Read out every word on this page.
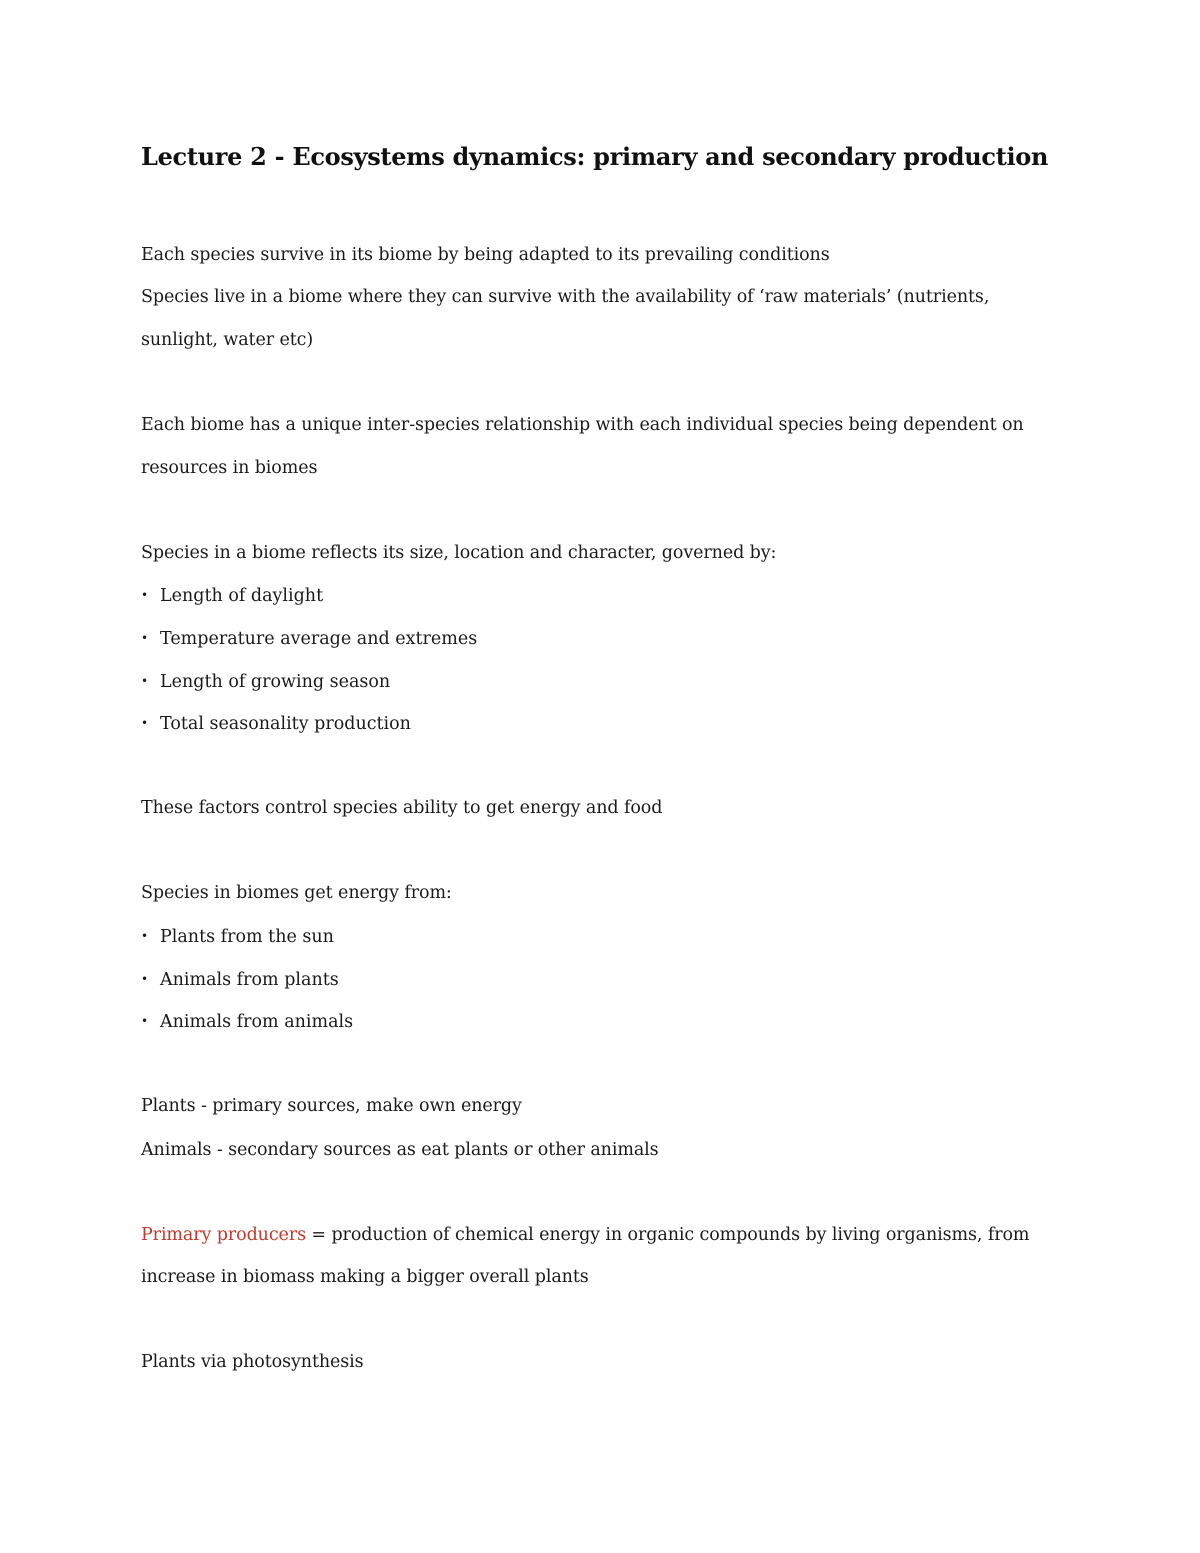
Lecture 2 - Ecosystems dynamics: primary and secondary production

Each species survive in its biome by being adapted to its prevailing conditions

Species live in a biome where they can survive with the availability of ‘raw materials’ (nutrients,

sunlight, water etc)

Each biome has a unique inter-species relationship with each individual species being dependent on

resources in biomes

Species in a biome reflects its size, location and character, governed by:

• Length of daylight

• Temperature average and extremes

• Length of growing season

• Total seasonality production

These factors control species ability to get energy and food

Species in biomes get energy from:

• Plants from the sun

• Animals from plants

• Animals from animals

Plants - primary sources, make own energy

Animals - secondary sources as eat plants or other animals

Primary producers = production of chemical energy in organic compounds by living organisms, from

increase in biomass making a bigger overall plants

Plants via photosynthesis
